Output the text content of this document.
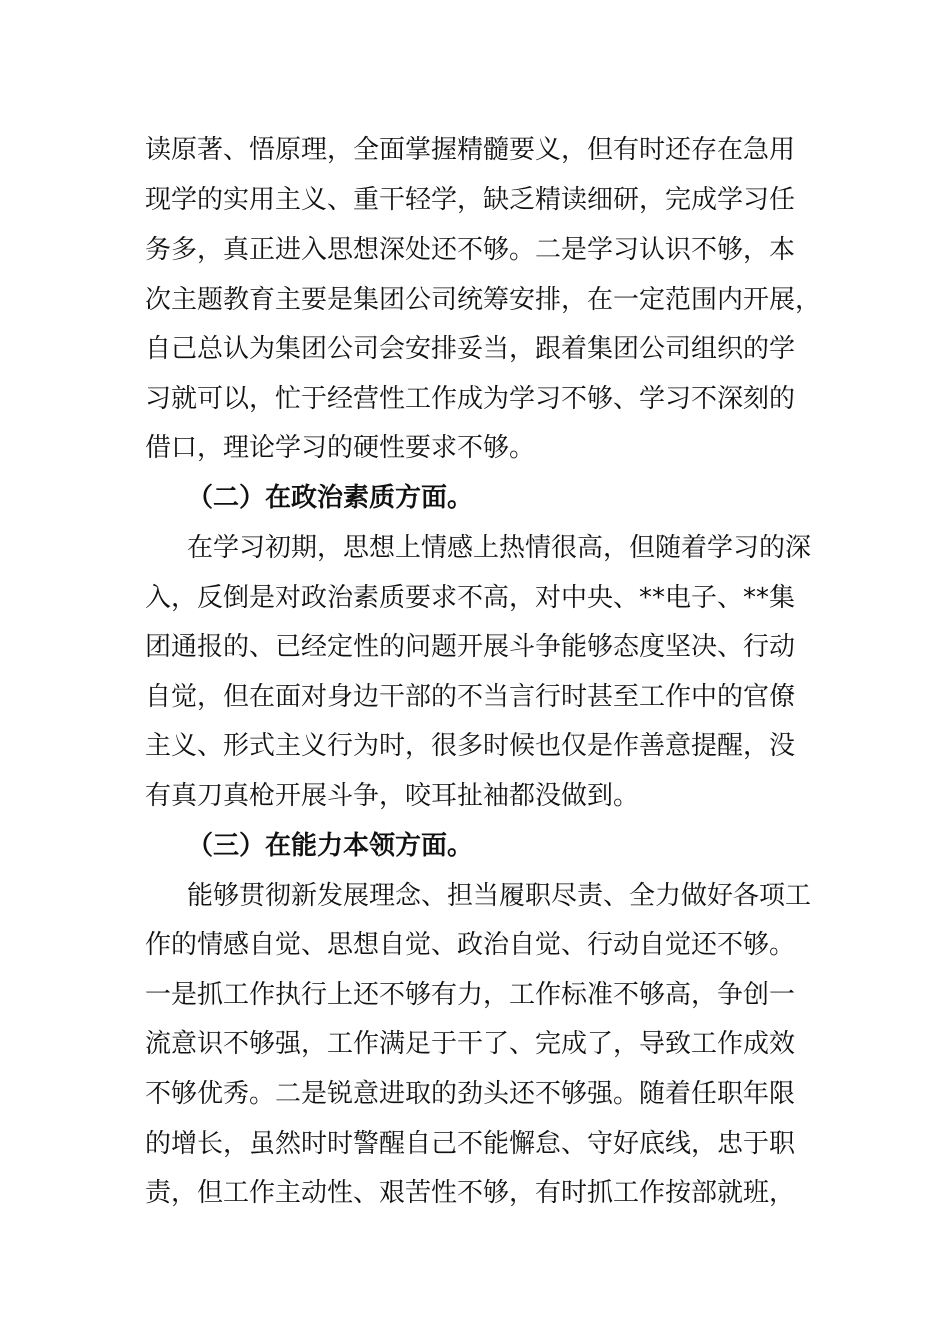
读原著、悟原理，全面掌握精髓要义，但有时还存在急用
现学的实用主义、重干轻学，缺乏精读细研，完成学习任
务多，真正进入思想深处还不够。二是学习认识不够，本
次主题教育主要是集团公司统筹安排，在一定范围内开展，
自己总认为集团公司会安排妥当，跟着集团公司组织的学
习就可以，忙于经营性工作成为学习不够、学习不深刻的
借口，理论学习的硬性要求不够。
（二）在政治素质方面。
在学习初期，思想上情感上热情很高，但随着学习的深
入，反倒是对政治素质要求不高，对中央、**电子、**集
团通报的、已经定性的问题开展斗争能够态度坚决、行动
自觉，但在面对身边干部的不当言行时甚至工作中的官僚
主义、形式主义行为时，很多时候也仅是作善意提醒，没
有真刀真枪开展斗争，咬耳扯袖都没做到。
（三）在能力本领方面。
能够贯彻新发展理念、担当履职尽责、全力做好各项工
作的情感自觉、思想自觉、政治自觉、行动自觉还不够。
一是抓工作执行上还不够有力，工作标准不够高，争创一
流意识不够强，工作满足于干了、完成了，导致工作成效
不够优秀。二是锐意进取的劲头还不够强。随着任职年限
的增长，虽然时时警醒自己不能懈怠、守好底线，忠于职
责，但工作主动性、艰苦性不够，有时抓工作按部就班，
